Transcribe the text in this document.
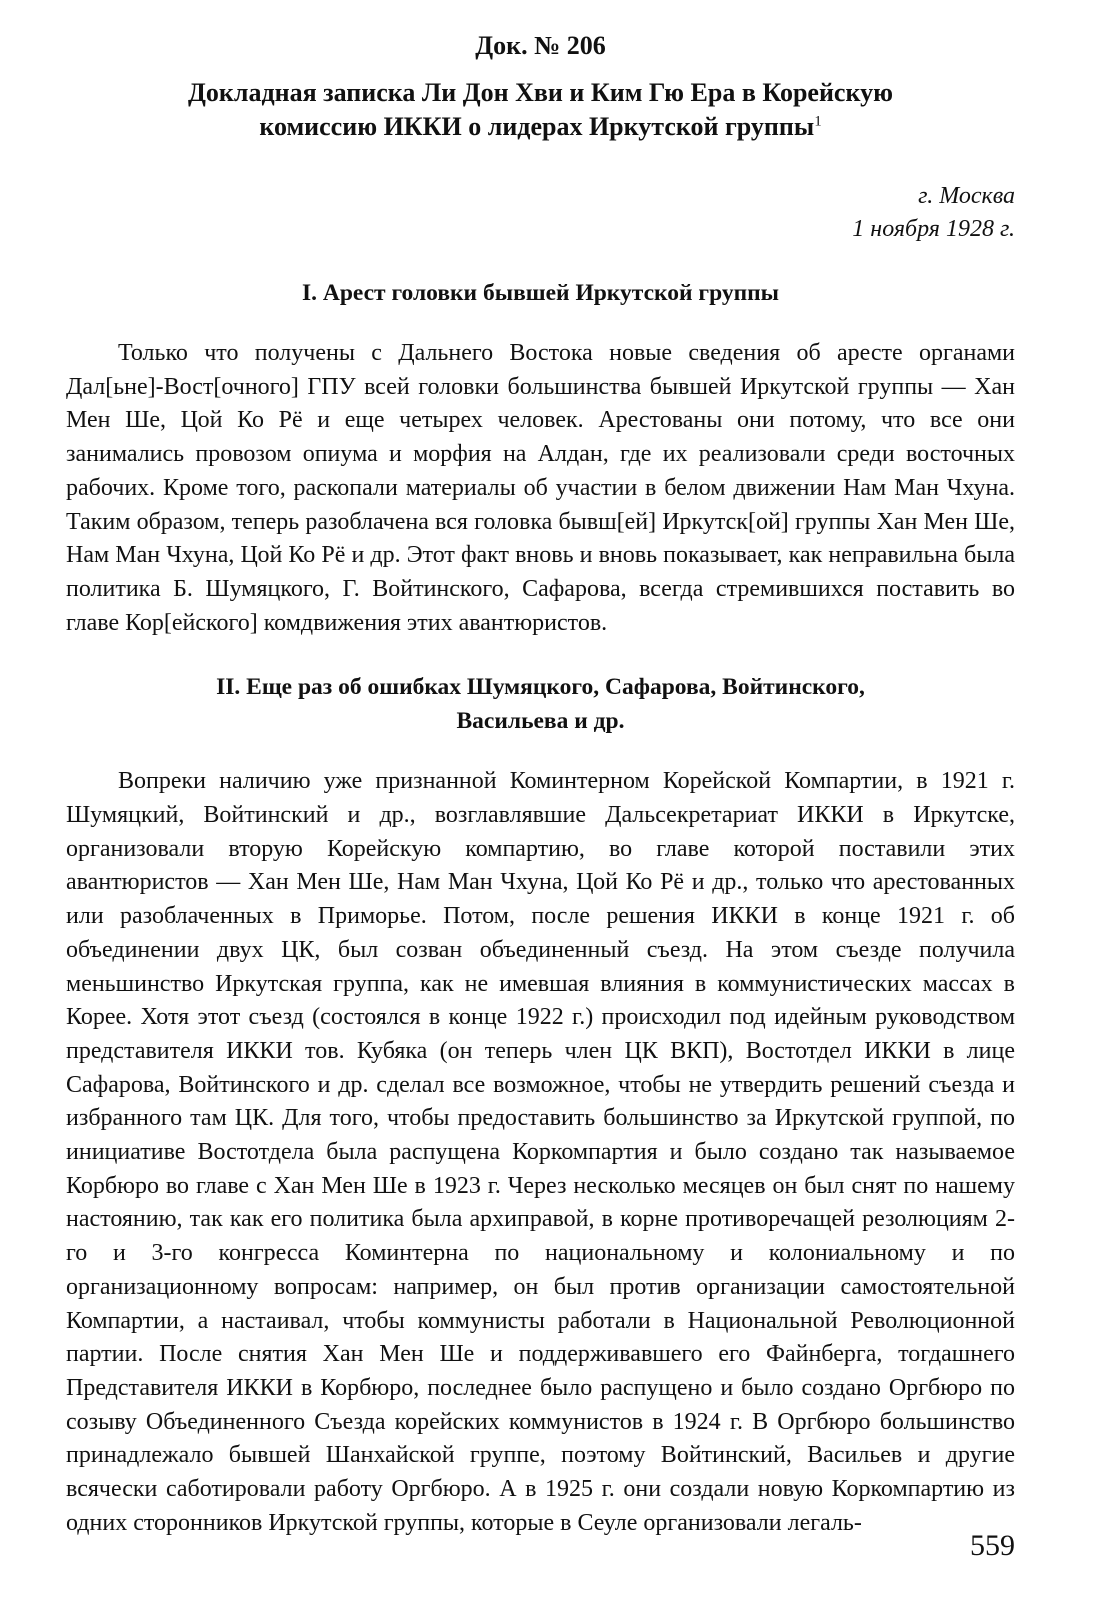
Док. № 206
Докладная записка Ли Дон Хви и Ким Гю Ера в Корейскую
комиссию ИККИ о лидерах Иркутской группы$^1$
г. Москва
1 ноября 1928 г.
I. Арест головки бывшей Иркутской группы

Только что получены с Дальнего Востока новые сведения об аресте органами Дал[ьне]-Вост[очного] ГПУ всей головки большинства бывшей Иркутской группы — Хан Мен Ше, Цой Ко Рё и еще четырех человек. Арестованы они потому, что все они занимались провозом опиума и морфия на Алдан, где их реализовали среди восточных рабочих. Кроме того, раскопали материалы об участии в белом движении Нам Ман Чхуна. Таким образом, теперь разоблачена вся головка бывш[ей] Иркутск[ой] группы Хан Мен Ше, Нам Ман Чхуна, Цой Ко Рё и др. Этот факт вновь и вновь показывает, как неправильна была политика Б. Шумяцкого, Г. Войтинского, Сафарова, всегда стремившихся поставить во главе Кор[ейского] комдвижения этих авантюристов.

II. Еще раз об ошибках Шумяцкого, Сафарова, Войтинского,
Васильева и др.

Вопреки наличию уже признанной Коминтерном Корейской Компартии, в 1921 г. Шумяцкий, Войтинский и др., возглавлявшие Дальсекретариат ИККИ в Иркутске, организовали вторую Корейскую компартию, во главе которой поставили этих авантюристов — Хан Мен Ше, Нам Ман Чхуна, Цой Ко Рё и др., только что арестованных или разоблаченных в Приморье. Потом, после решения ИККИ в конце 1921 г. об объединении двух ЦК, был созван объединенный съезд. На этом съезде получила меньшинство Иркутская группа, как не имевшая влияния в коммунистических массах в Корее. Хотя этот съезд (состоялся в конце 1922 г.) происходил под идейным руководством представителя ИККИ тов. Кубяка (он теперь член ЦК ВКП), Востотдел ИККИ в лице Сафарова, Войтинского и др. сделал все возможное, чтобы не утвердить решений съезда и избранного там ЦК. Для того, чтобы предоставить большинство за Иркутской группой, по инициативе Востотдела была распущена Коркомпартия и было создано так называемое Корбюро во главе с Хан Мен Ше в 1923 г. Через несколько месяцев он был снят по нашему настоянию, так как его политика была архиправой, в корне противоречащей резолюциям 2-го и 3-го конгресса Коминтерна по национальному и колониальному и по организационному вопросам: например, он был против организации самостоятельной Компартии, а настаивал, чтобы коммунисты работали в Национальной Революционной партии. После снятия Хан Мен Ше и поддерживавшего его Файнберга, тогдашнего Представителя ИККИ в Корбюро, последнее было распущено и было создано Оргбюро по созыву Объединенного Съезда корейских коммунистов в 1924 г. В Оргбюро большинство принадлежало бывшей Шанхайской группе, поэтому Войтинский, Васильев и другие всячески саботировали работу Оргбюро. А в 1925 г. они создали новую Коркомпартию из одних сторонников Иркутской группы, которые в Сеуле организовали легаль-

559
